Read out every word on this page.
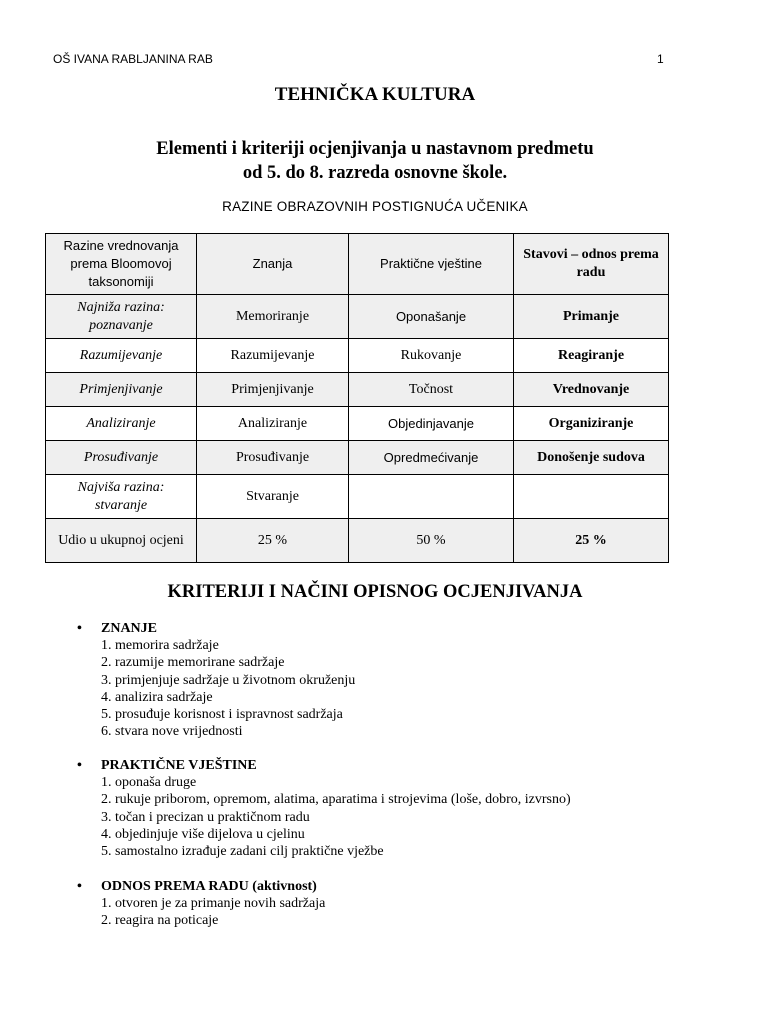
OŠ IVANA RABLJANINA RAB	1
TEHNIČKA KULTURA
Elementi i kriteriji ocjenjivanja u nastavnom predmetu
od 5. do 8. razreda osnovne škole.
RAZINE OBRAZOVNIH POSTIGNUĆA UČENIKA
Razine vrednovanja prema Bloomovoj taksonomiji	Znanja	Praktične vještine	Stavovi – odnos prema radu
Najniža razina: poznavanje	Memoriranje	Oponašanje	Primanje
Razumijevanje	Razumijevanje	Rukovanje	Reagiranje
Primjenjivanje	Primjenjivanje	Točnost	Vrednovanje
Analiziranje	Analiziranje	Objedinjavanje	Organiziranje
Prosuđivanje	Prosuđivanje	Opredmećivanje	Donošenje sudova
Najviša razina: stvaranje	Stvaranje		
Udio u ukupnoj ocjeni	25 %	50 %	25 %
KRITERIJI I NAČINI OPISNOG OCJENJIVANJA
•	ZNANJE
1. memorira sadržaje
2. razumije memorirane sadržaje
3. primjenjuje sadržaje u životnom okruženju
4. analizira sadržaje
5. prosuđuje korisnost i ispravnost sadržaja
6. stvara nove vrijednosti
•	PRAKTIČNE VJEŠTINE
1. oponaša druge
2. rukuje priborom, opremom, alatima, aparatima i strojevima (loše, dobro, izvrsno)
3. točan i precizan u praktičnom radu
4. objedinjuje više dijelova u cjelinu
5. samostalno izrađuje zadani cilj praktične vježbe
•	ODNOS PREMA RADU (aktivnost)
1. otvoren je za primanje novih sadržaja
2. reagira na poticaje
